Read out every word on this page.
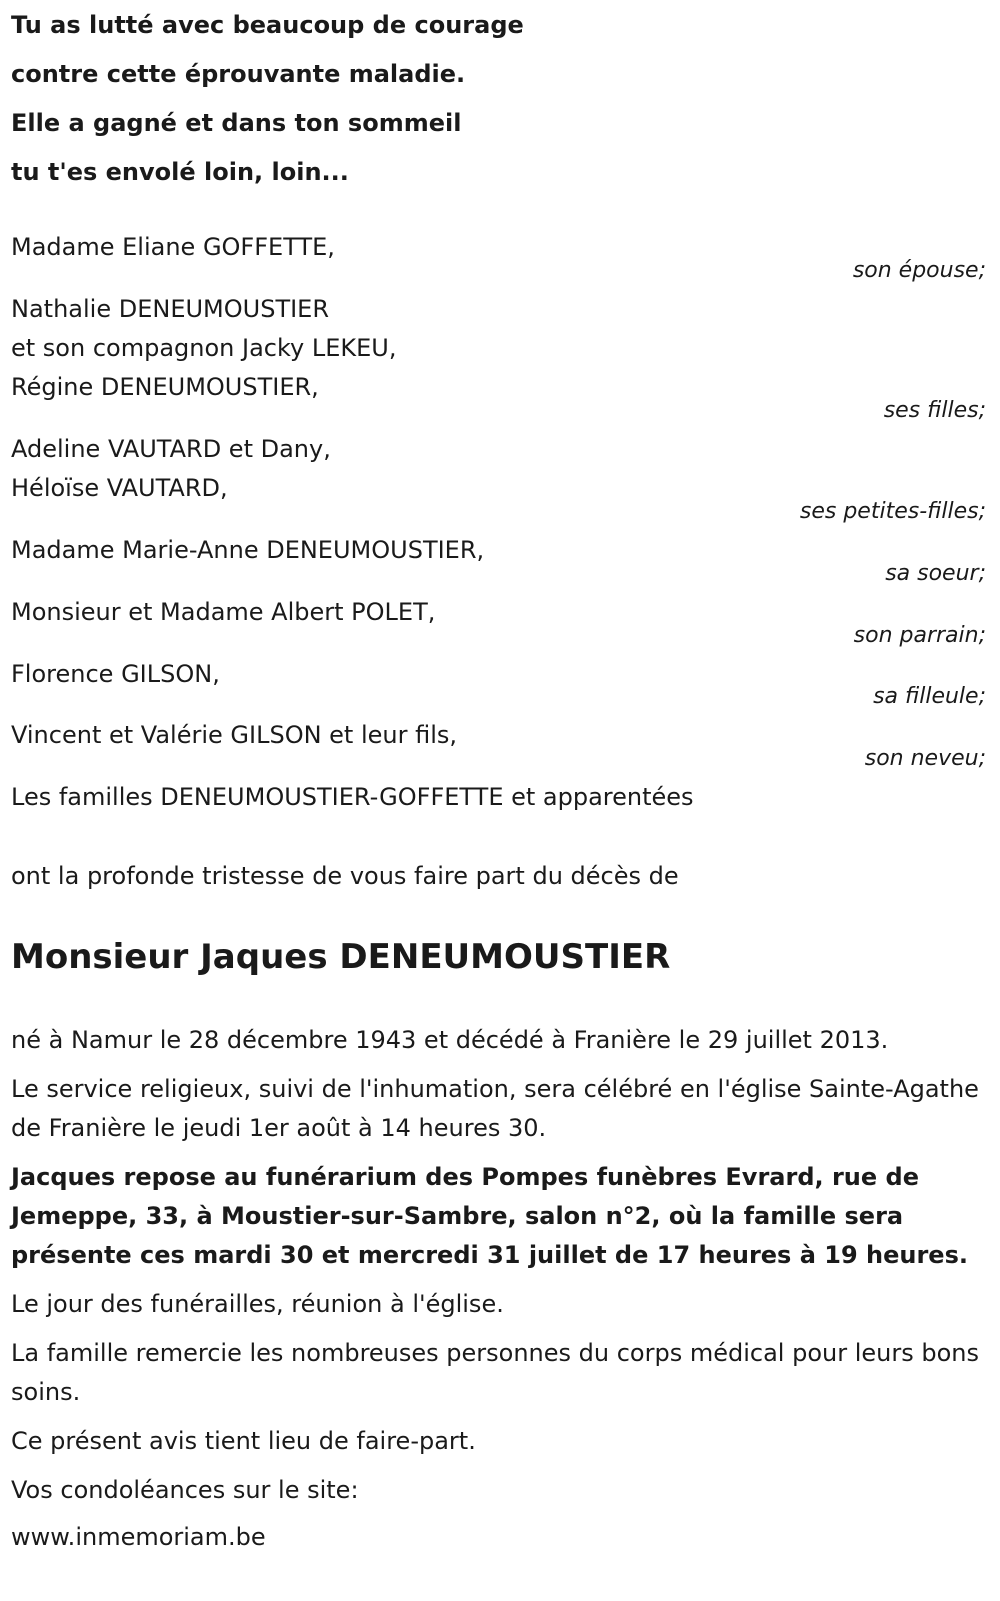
Tu as lutté avec beaucoup de courage
contre cette éprouvante maladie.
Elle a gagné et dans ton sommeil
tu t'es envolé loin, loin...
Madame Eliane GOFFETTE,
son épouse;
Nathalie DENEUMOUSTIER
et son compagnon Jacky LEKEU,
Régine DENEUMOUSTIER,
ses filles;
Adeline VAUTARD et Dany,
Héloïse VAUTARD,
ses petites-filles;
Madame Marie-Anne DENEUMOUSTIER,
sa soeur;
Monsieur et Madame Albert POLET,
son parrain;
Florence GILSON,
sa filleule;
Vincent et Valérie GILSON et leur fils,
son neveu;
Les familles DENEUMOUSTIER-GOFFETTE et apparentées
ont la profonde tristesse de vous faire part du décès de
Monsieur Jaques DENEUMOUSTIER
né à Namur le 28 décembre 1943 et décédé à Franière le 29 juillet 2013.
Le service religieux, suivi de l'inhumation, sera célébré en l'église Sainte-Agathe de Franière le jeudi 1er août à 14 heures 30.
Jacques repose au funérarium des Pompes funèbres Evrard, rue de Jemeppe, 33, à Moustier-sur-Sambre, salon n°2, où la famille sera présente ces mardi 30 et mercredi 31 juillet de 17 heures à 19 heures.
Le jour des funérailles, réunion à l'église.
La famille remercie les nombreuses personnes du corps médical pour leurs bons soins.
Ce présent avis tient lieu de faire-part.
Vos condoléances sur le site:
www.inmemoriam.be
